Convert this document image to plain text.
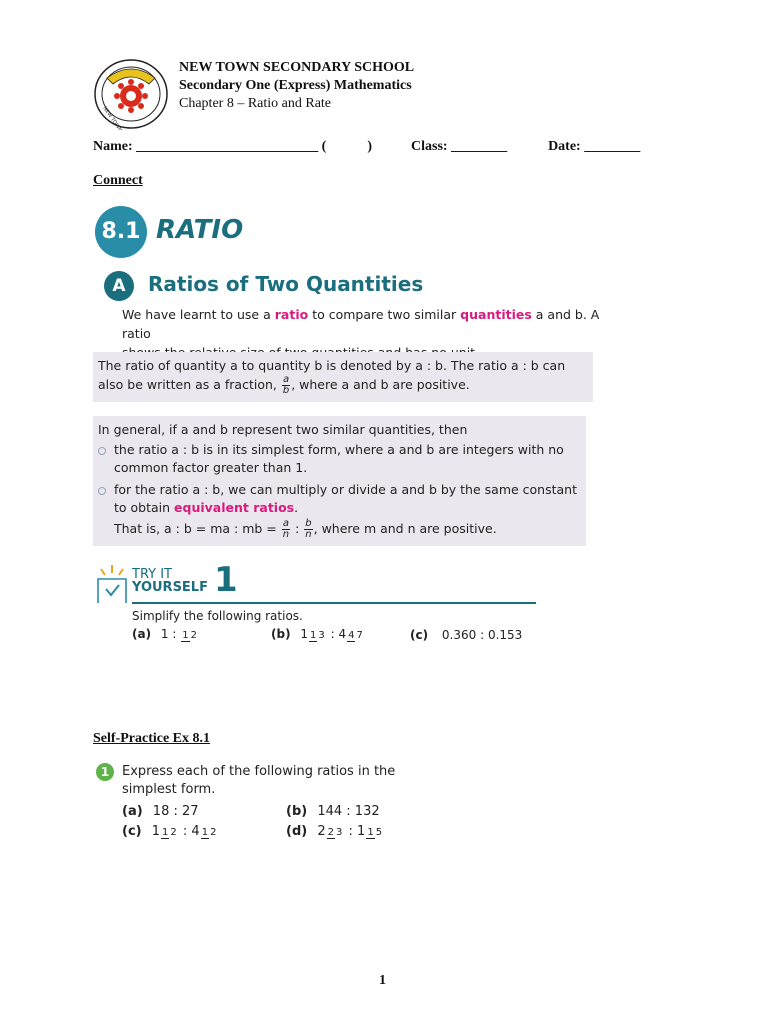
NEW TOWN SECONDARY SCHOOL
Secondary One (Express) Mathematics
Chapter 8 – Ratio and Rate
Name: __________________________ (	)	Class: ________	Date: ________
Connect
8.1 RATIO
A	Ratios of Two Quantities
We have learnt to use a ratio to compare two similar quantities a and b. A ratio
The ratio of quantity a to quantity b is denoted by a : b. The ratio a : b can
also be written as a fraction, $\frac{a}{b}$ , where a and b are positive.
In general, if a and b represent two similar quantities, then
the ratio a : b is in its simplest form, where a and b are integers with no
common factor greater than 1.
for the ratio a : b, we can multiply or divide a and b by the same constant
to obtain equivalent ratios.
That is, a : b = ma : mb = $\frac{a}{n}$ : $\frac{b}{n}$ , where m and n are positive.
TRY IT
YOURSELF 1
Simplify the following ratios.
(a) 1 : 1 2	(b) 1 1 3 : 4 4 7	(c) 0.360 : 0.153
Self-Practice Ex 8.1
1 Express each of the following ratios in the
simplest form.
(a) 18 : 27	(b) 144 : 132
(c) 1 1 2 : 4 1 2	(d) 2 2 3 : 1 1 5
1
